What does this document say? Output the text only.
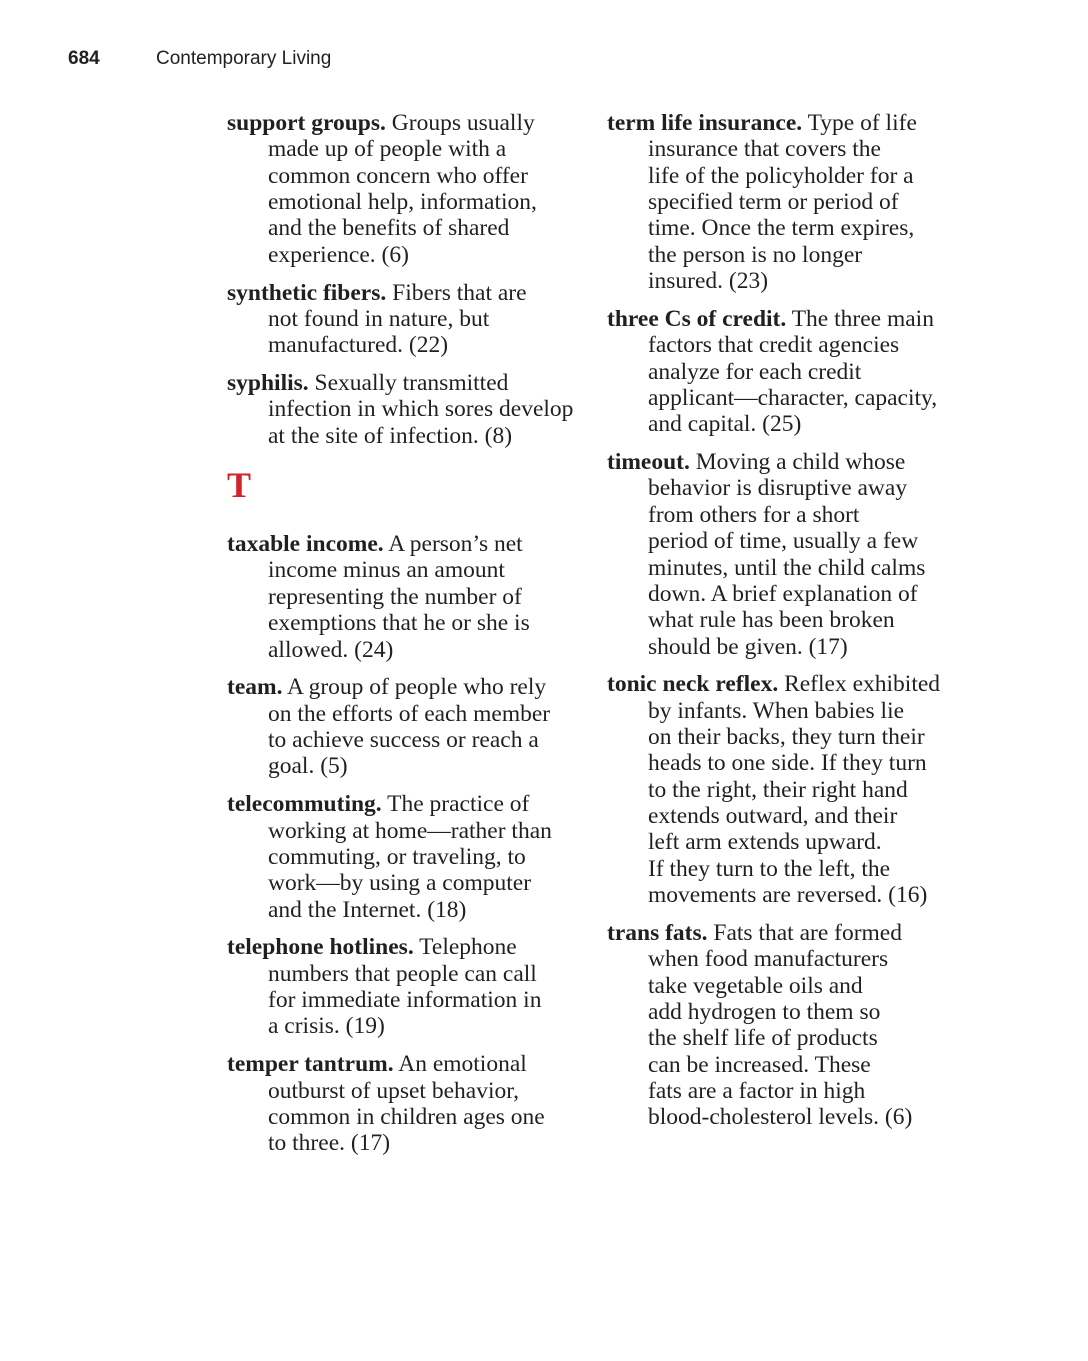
684	Contemporary Living
support groups. Groups usually
made up of people with a
common concern who offer
emotional help, information,
and the benefits of shared
experience. (6)
synthetic fibers. Fibers that are
not found in nature, but
manufactured. (22)
syphilis. Sexually transmitted
infection in which sores develop
at the site of infection. (8)
T
taxable income. A person’s net
income minus an amount
representing the number of
exemptions that he or she is
allowed. (24)
team. A group of people who rely
on the efforts of each member
to achieve success or reach a
goal. (5)
telecommuting. The practice of
working at home—rather than
commuting, or traveling, to
work—by using a computer
and the Internet. (18)
telephone hotlines. Telephone
numbers that people can call
for immediate information in
a crisis. (19)
temper tantrum. An emotional
outburst of upset behavior,
common in children ages one
to three. (17)
term life insurance. Type of life
insurance that covers the
life of the policyholder for a
specified term or period of
time. Once the term expires,
the person is no longer
insured. (23)
three Cs of credit. The three main
factors that credit agencies
analyze for each credit
applicant—character, capacity,
and capital. (25)
timeout. Moving a child whose
behavior is disruptive away
from others for a short
period of time, usually a few
minutes, until the child calms
down. A brief explanation of
what rule has been broken
should be given. (17)
tonic neck reflex. Reflex exhibited
by infants. When babies lie
on their backs, they turn their
heads to one side. If they turn
to the right, their right hand
extends outward, and their
left arm extends upward.
If they turn to the left, the
movements are reversed. (16)
trans fats. Fats that are formed
when food manufacturers
take vegetable oils and
add hydrogen to them so
the shelf life of products
can be increased. These
fats are a factor in high
blood-cholesterol levels. (6)
